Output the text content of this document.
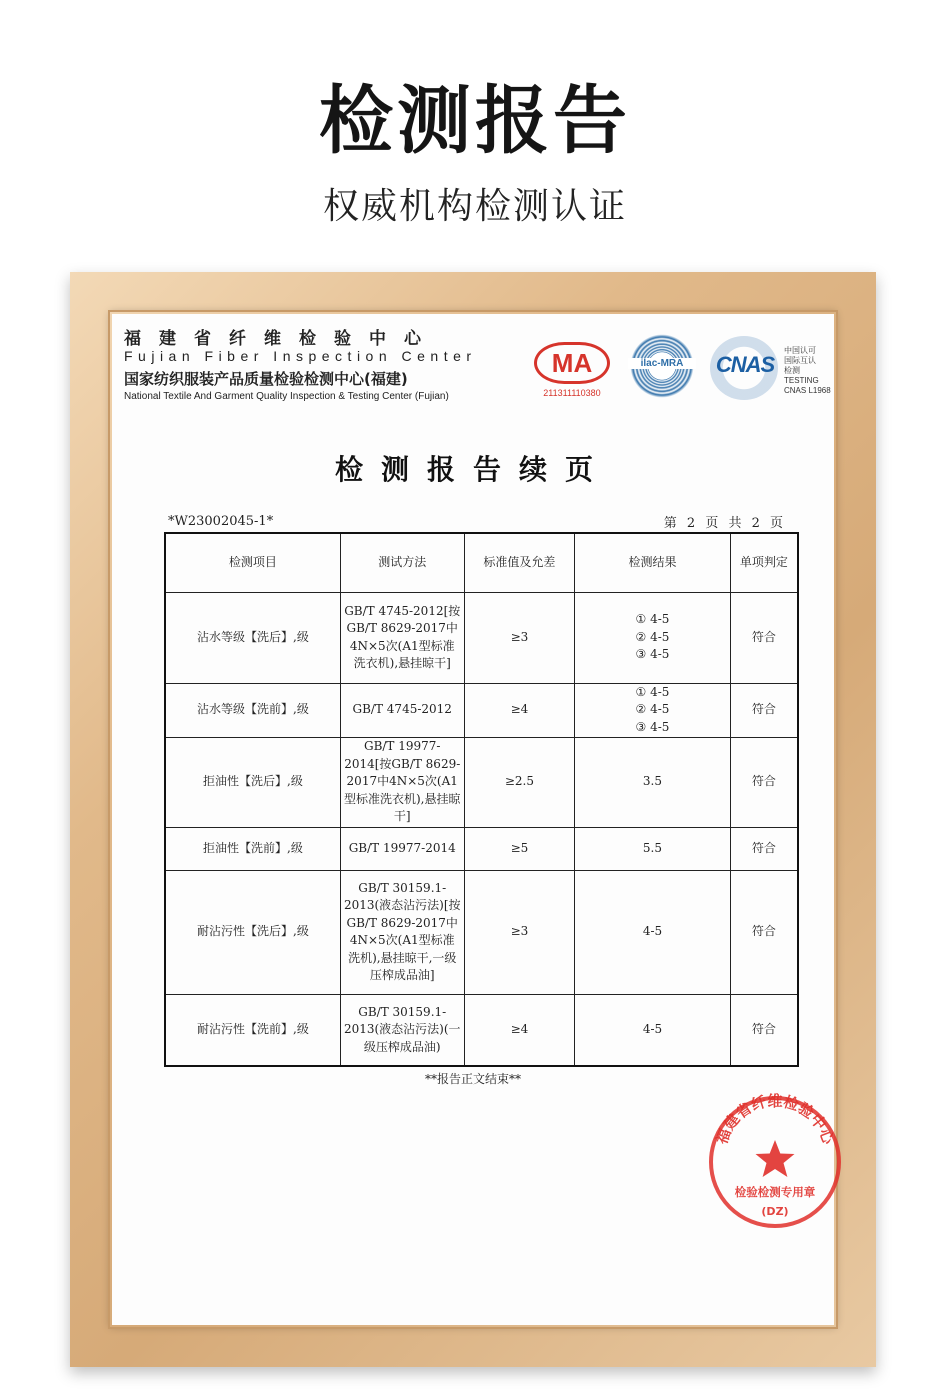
检测报告
权威机构检测认证
福建省纤维检验中心
Fujian Fiber Inspection Center
国家纺织服装产品质量检验检测中心(福建)
National Textile And Garment Quality Inspection & Testing Center (Fujian)
MA
211311110380
ilac-MRA	CNAS
中国认可
国际互认
检测
TESTING
CNAS L1968
检测报告续页
*W23002045-1*	第 2 页 共 2 页
检测项目	测试方法	标准值及允差	检测结果	单项判定
沾水等级【洗后】,级	GB/T 4745-2012[按GB/T 8629-2017中4N×5次(A1型标准洗衣机),悬挂晾干]	≥3	① 4-5
② 4-5
③ 4-5	符合
沾水等级【洗前】,级	GB/T 4745-2012	≥4	① 4-5
② 4-5
③ 4-5	符合
拒油性【洗后】,级	GB/T 19977-2014[按GB/T 8629-2017中4N×5次(A1型标准洗衣机),悬挂晾干]	≥2.5	3.5	符合
拒油性【洗前】,级	GB/T 19977-2014	≥5	5.5	符合
耐沾污性【洗后】,级	GB/T 30159.1-2013(液态沾污法)[按GB/T 8629-2017中4N×5次(A1型标准洗机),悬挂晾干,一级压榨成品油]	≥3	4-5	符合
耐沾污性【洗前】,级	GB/T 30159.1-2013(液态沾污法)(一级压榨成品油)	≥4	4-5	符合
**报告正文结束**
福建省纤维检验中心
检验检测专用章
(DZ)
